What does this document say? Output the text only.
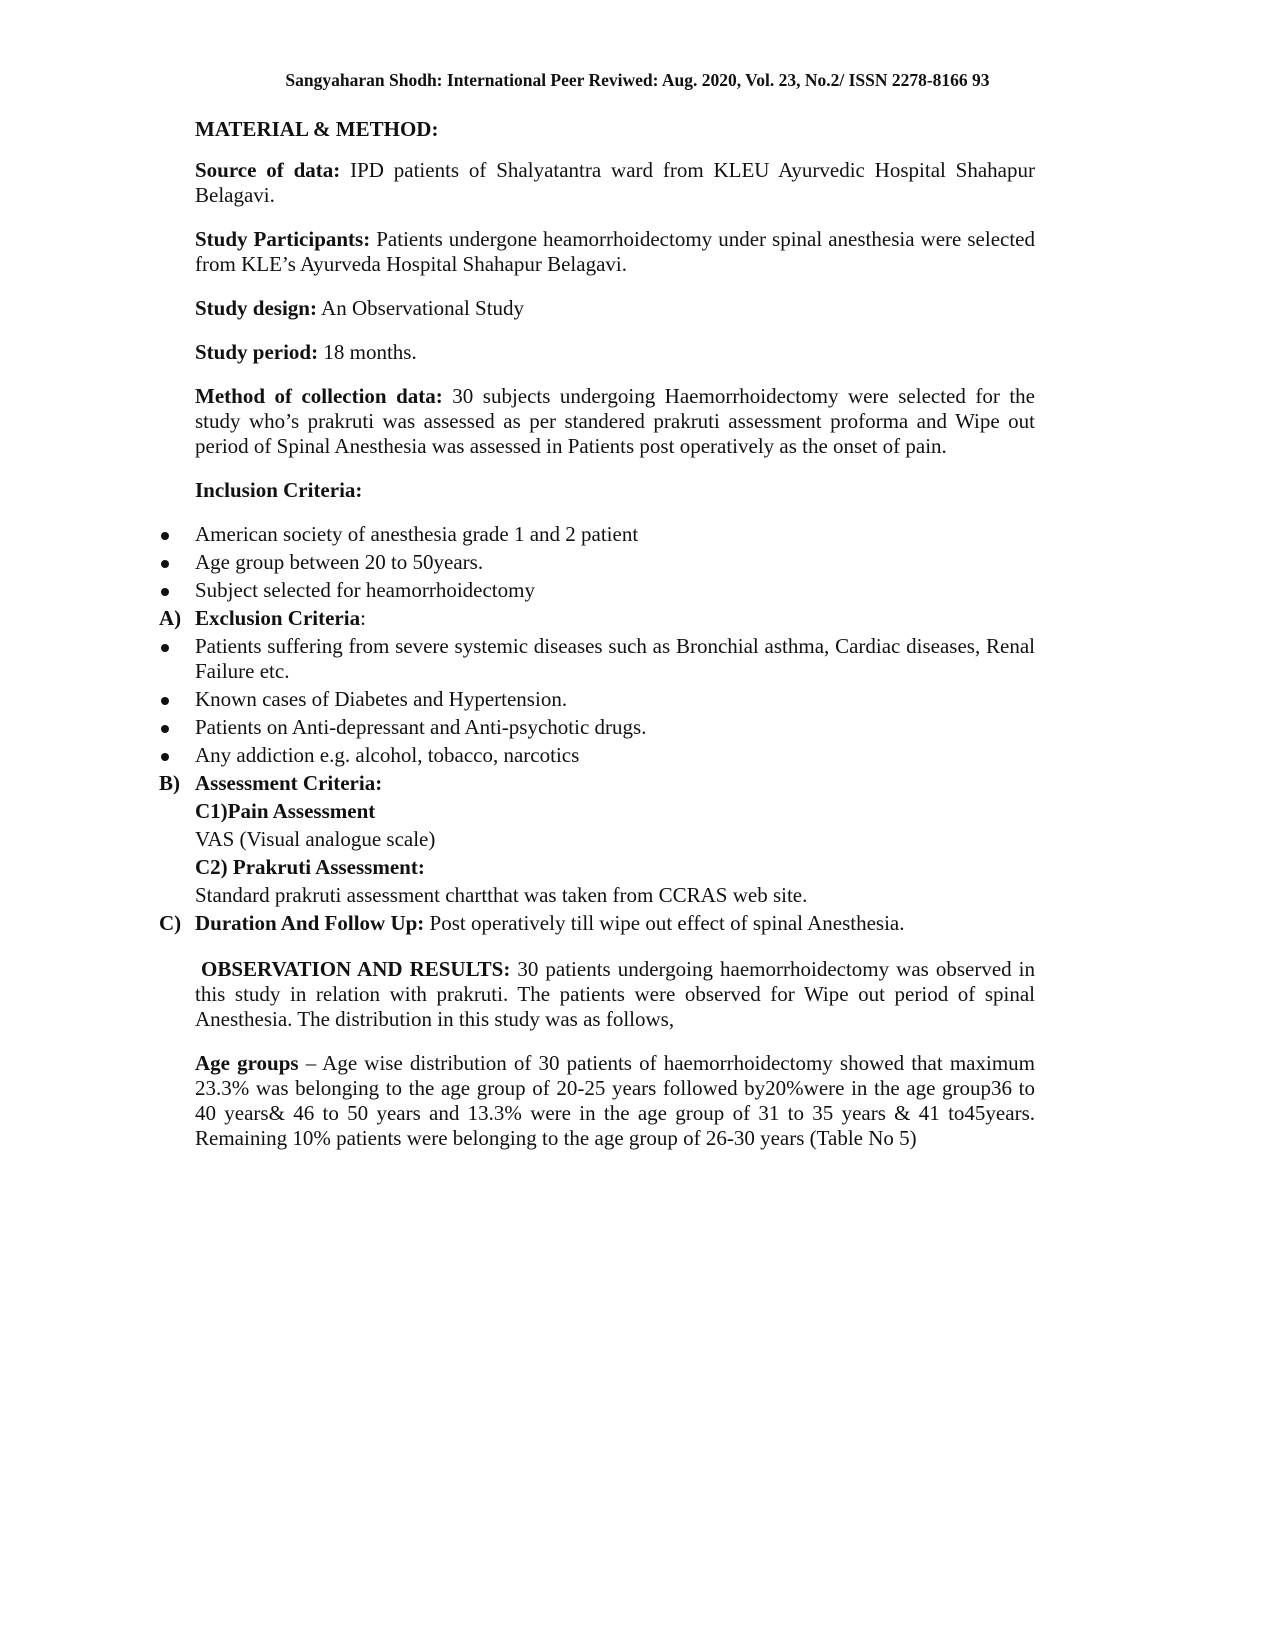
Sangyaharan Shodh: International Peer Reviwed: Aug. 2020, Vol. 23, No.2/ ISSN 2278-8166 93
MATERIAL & METHOD:

Source of data: IPD patients of Shalyatantra ward from KLEU Ayurvedic Hospital Shahapur Belagavi.

Study Participants: Patients undergone heamorrhoidectomy under spinal anesthesia were selected from KLE’s Ayurveda Hospital Shahapur Belagavi.

Study design: An Observational Study

Study period: 18 months.

Method of collection data: 30 subjects undergoing Haemorrhoidectomy were selected for the study who’s prakruti was assessed as per standered prakruti assessment proforma and Wipe out period of Spinal Anesthesia was assessed in Patients post operatively as the onset of pain.

Inclusion Criteria:

American society of anesthesia grade 1 and 2 patient
Age group between 20 to 50years.
Subject selected for heamorrhoidectomy
A) Exclusion Criteria:
Patients suffering from severe systemic diseases such as Bronchial asthma, Cardiac diseases, Renal Failure etc.
Known cases of Diabetes and Hypertension.
Patients on Anti-depressant and Anti-psychotic drugs.
Any addiction e.g. alcohol, tobacco, narcotics
B) Assessment Criteria:
C1)Pain Assessment
VAS (Visual analogue scale)
C2) Prakruti Assessment:
Standard prakruti assessment chartthat was taken from CCRAS web site.
C) Duration And Follow Up: Post operatively till wipe out effect of spinal Anesthesia.

OBSERVATION AND RESULTS: 30 patients undergoing haemorrhoidectomy was observed in this study in relation with prakruti. The patients were observed for Wipe out period of spinal Anesthesia. The distribution in this study was as follows,

Age groups – Age wise distribution of 30 patients of haemorrhoidectomy showed that maximum 23.3% was belonging to the age group of 20-25 years followed by20%were in the age group36 to 40 years& 46 to 50 years and 13.3% were in the age group of 31 to 35 years & 41 to45years. Remaining 10% patients were belonging to the age group of 26-30 years (Table No 5)
